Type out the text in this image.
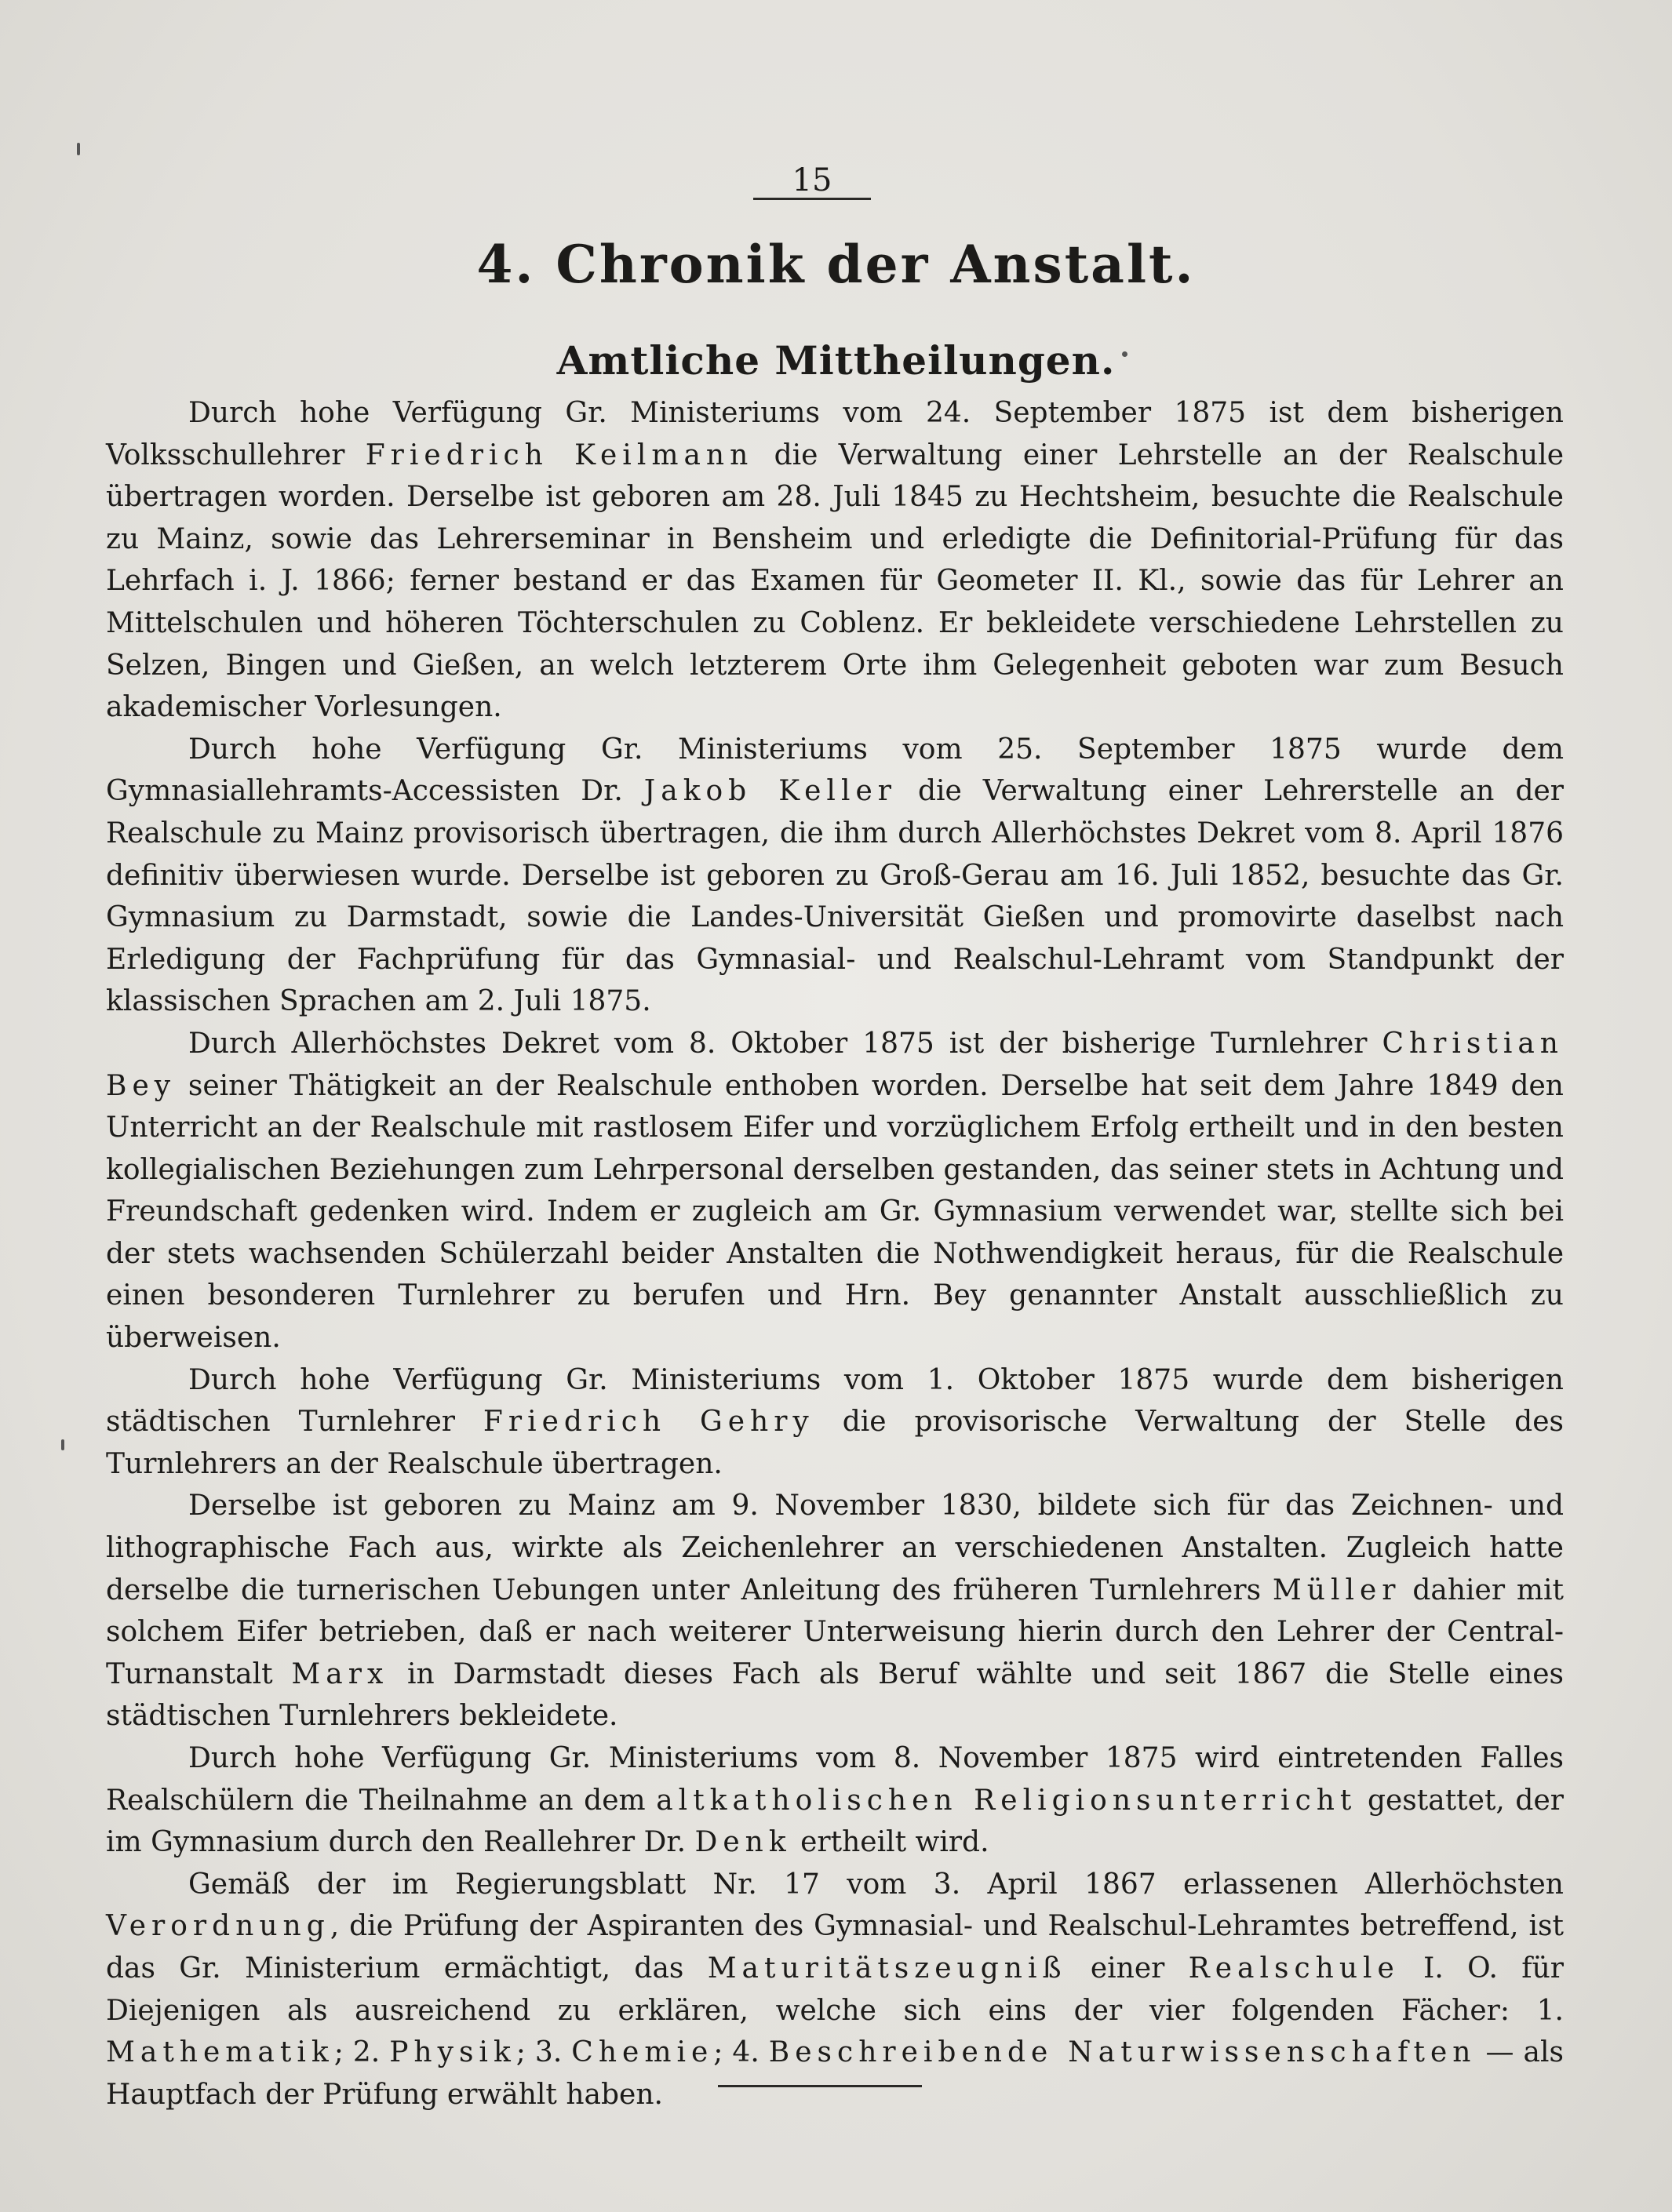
15
4. Chronik der Anstalt.
Amtliche Mittheilungen.

Durch hohe Verfügung Gr. Ministeriums vom 24. September 1875 ist dem bisherigen Volksschullehrer Friedrich Keilmann die Verwaltung einer Lehrstelle an der Realschule übertragen worden. Derselbe ist geboren am 28. Juli 1845 zu Hechtsheim, besuchte die Realschule zu Mainz, sowie das Lehrerseminar in Bensheim und erledigte die Definitorial-Prüfung für das Lehrfach i. J. 1866; ferner bestand er das Examen für Geometer II. Kl., sowie das für Lehrer an Mittelschulen und höheren Töchterschulen zu Coblenz. Er bekleidete verschiedene Lehrstellen zu Selzen, Bingen und Gießen, an welch letzterem Orte ihm Gelegenheit geboten war zum Besuch akademischer Vorlesungen.

Durch hohe Verfügung Gr. Ministeriums vom 25. September 1875 wurde dem Gymnasiallehramts-Accessisten Dr. Jakob Keller die Verwaltung einer Lehrerstelle an der Realschule zu Mainz provisorisch übertragen, die ihm durch Allerhöchstes Dekret vom 8. April 1876 definitiv überwiesen wurde. Derselbe ist geboren zu Groß-Gerau am 16. Juli 1852, besuchte das Gr. Gymnasium zu Darmstadt, sowie die Landes-Universität Gießen und promovirte daselbst nach Erledigung der Fachprüfung für das Gymnasial- und Realschul-Lehramt vom Standpunkt der klassischen Sprachen am 2. Juli 1875.

Durch Allerhöchstes Dekret vom 8. Oktober 1875 ist der bisherige Turnlehrer Christian Bey seiner Thätigkeit an der Realschule enthoben worden. Derselbe hat seit dem Jahre 1849 den Unterricht an der Realschule mit rastlosem Eifer und vorzüglichem Erfolg ertheilt und in den besten kollegialischen Beziehungen zum Lehrpersonal derselben gestanden, das seiner stets in Achtung und Freundschaft gedenken wird. Indem er zugleich am Gr. Gymnasium verwendet war, stellte sich bei der stets wachsenden Schülerzahl beider Anstalten die Nothwendigkeit heraus, für die Realschule einen besonderen Turnlehrer zu berufen und Hrn. Bey genannter Anstalt ausschließlich zu überweisen.

Durch hohe Verfügung Gr. Ministeriums vom 1. Oktober 1875 wurde dem bisherigen städtischen Turnlehrer Friedrich Gehry die provisorische Verwaltung der Stelle des Turnlehrers an der Realschule übertragen.

Derselbe ist geboren zu Mainz am 9. November 1830, bildete sich für das Zeichnen- und lithographische Fach aus, wirkte als Zeichenlehrer an verschiedenen Anstalten. Zugleich hatte derselbe die turnerischen Uebungen unter Anleitung des früheren Turnlehrers Müller dahier mit solchem Eifer betrieben, daß er nach weiterer Unterweisung hierin durch den Lehrer der Central-Turnanstalt Marx in Darmstadt dieses Fach als Beruf wählte und seit 1867 die Stelle eines städtischen Turnlehrers bekleidete.

Durch hohe Verfügung Gr. Ministeriums vom 8. November 1875 wird eintretenden Falles Realschülern die Theilnahme an dem altkatholischen Religionsunterricht gestattet, der im Gymnasium durch den Reallehrer Dr. Denk ertheilt wird.

Gemäß der im Regierungsblatt Nr. 17 vom 3. April 1867 erlassenen Allerhöchsten Verordnung, die Prüfung der Aspiranten des Gymnasial- und Realschul-Lehramtes betreffend, ist das Gr. Ministerium ermächtigt, das Maturitätszeugniß einer Realschule I. O. für Diejenigen als ausreichend zu erklären, welche sich eins der vier folgenden Fächer: 1. Mathematik; 2. Physik; 3. Chemie; 4. Beschreibende Naturwissenschaften — als Hauptfach der Prüfung erwählt haben.
